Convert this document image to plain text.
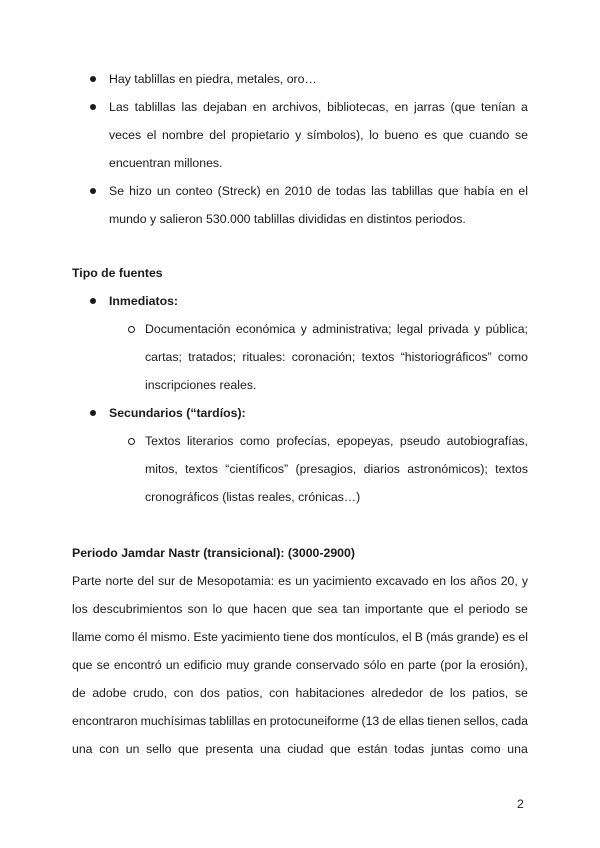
Hay tablillas en piedra, metales, oro…
Las tablillas las dejaban en archivos, bibliotecas, en jarras (que tenían a
veces el nombre del propietario y símbolos), lo bueno es que cuando se
encuentran millones.
Se hizo un conteo (Streck) en 2010 de todas las tablillas que había en el
mundo y salieron 530.000 tablillas divididas en distintos periodos.
Tipo de fuentes
Inmediatos:
Documentación económica y administrativa; legal privada y pública;
cartas; tratados; rituales: coronación; textos “historiográficos” como
inscripciones reales.
Secundarios (“tardíos):
Textos literarios como profecías, epopeyas, pseudo autobiografías,
mitos, textos “científicos” (presagios, diarios astronómicos); textos
cronográficos (listas reales, crónicas…)
Periodo Jamdar Nastr (transicional): (3000-2900)
Parte norte del sur de Mesopotamia: es un yacimiento excavado en los años 20, y
los descubrimientos son lo que hacen que sea tan importante que el periodo se
llame como él mismo. Este yacimiento tiene dos montículos, el B (más grande) es el
que se encontró un edificio muy grande conservado sólo en parte (por la erosión),
de adobe crudo, con dos patios, con habitaciones alrededor de los patios, se
encontraron muchísimas tablillas en protocuneiforme (13 de ellas tienen sellos, cada
una con un sello que presenta una ciudad que están todas juntas como una
2
